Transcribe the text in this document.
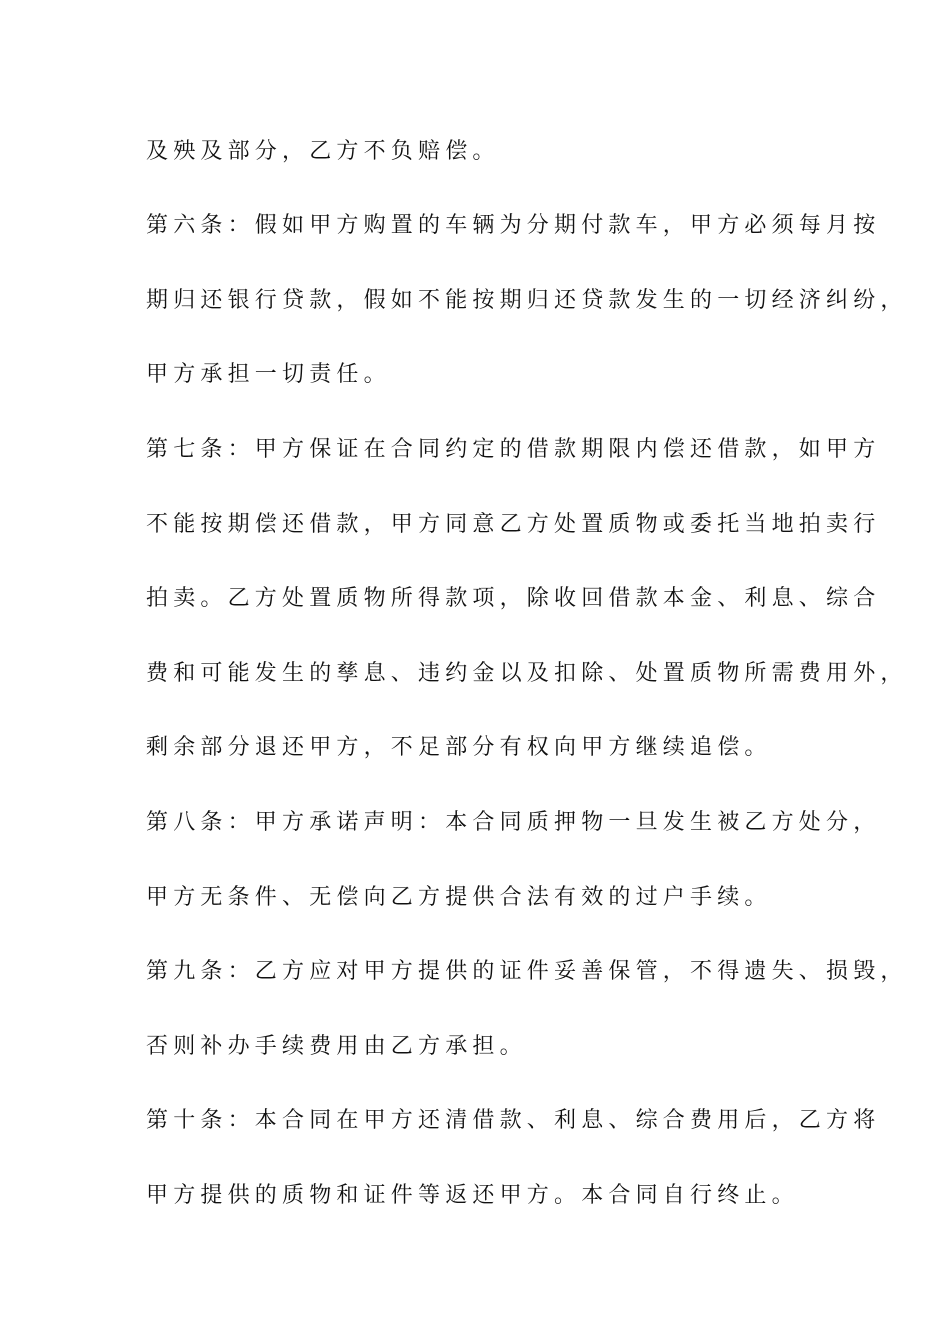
及殃及部分，乙方不负赔偿。
第六条：假如甲方购置的车辆为分期付款车，甲方必须每月按
期归还银行贷款，假如不能按期归还贷款发生的一切经济纠纷，
甲方承担一切责任。
第七条：甲方保证在合同约定的借款期限内偿还借款，如甲方
不能按期偿还借款，甲方同意乙方处置质物或委托当地拍卖行
拍卖。乙方处置质物所得款项，除收回借款本金、利息、综合
费和可能发生的孳息、违约金以及扣除、处置质物所需费用外，
剩余部分退还甲方，不足部分有权向甲方继续追偿。
第八条：甲方承诺声明：本合同质押物一旦发生被乙方处分，
甲方无条件、无偿向乙方提供合法有效的过户手续。
第九条：乙方应对甲方提供的证件妥善保管，不得遗失、损毁，
否则补办手续费用由乙方承担。
第十条：本合同在甲方还清借款、利息、综合费用后，乙方将
甲方提供的质物和证件等返还甲方。本合同自行终止。
